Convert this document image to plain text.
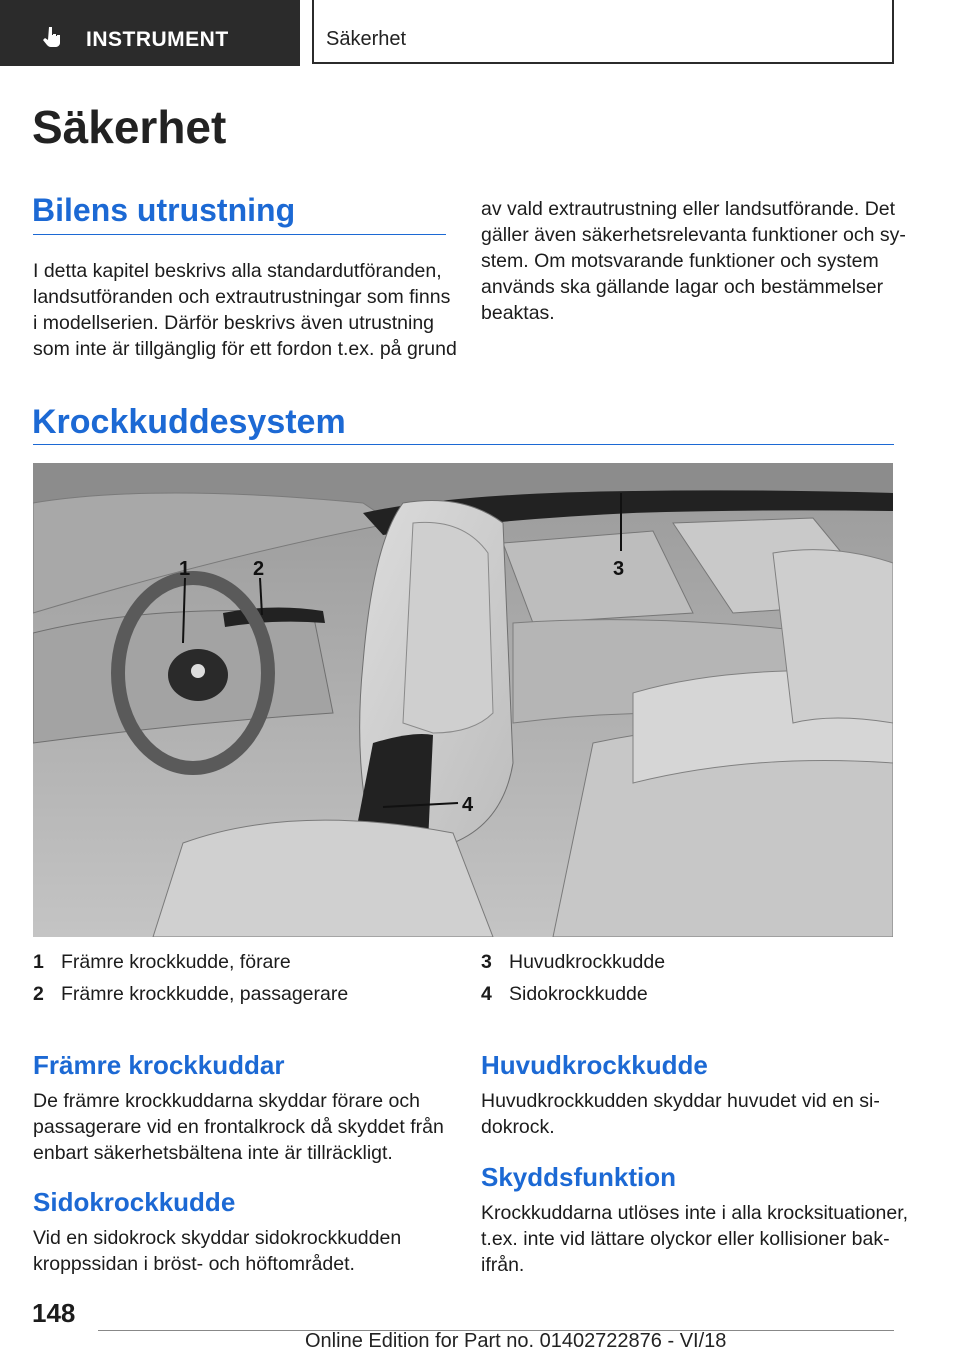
INSTRUMENT	Säkerhet
Säkerhet
Bilens utrustning
I detta kapitel beskrivs alla standardutföranden,
landsutföranden och extrautrustningar som finns
i modellserien. Därför beskrivs även utrustning
som inte är tillgänglig för ett fordon t.ex. på grund
av vald extrautrustning eller landsutförande. Det
gäller även säkerhetsrelevanta funktioner och sy-
stem. Om motsvarande funktioner och system
används ska gällande lagar och bestämmelser
beaktas.
Krockkuddesystem
1	2	3
4
1 Främre krockkudde, förare
2 Främre krockkudde, passagerare
3 Huvudkrockkudde
4 Sidokrockkudde
Främre krockkuddar
De främre krockkuddarna skyddar förare och
passagerare vid en frontalkrock då skyddet från
enbart säkerhetsbältena inte är tillräckligt.
Sidokrockkudde
Vid en sidokrock skyddar sidokrockkudden
kroppssidan i bröst- och höftområdet.
Huvudkrockkudde
Huvudkrockkudden skyddar huvudet vid en si-
dokrock.
Skyddsfunktion
Krockkuddarna utlöses inte i alla krocksituationer,
t.ex. inte vid lättare olyckor eller kollisioner bak-
ifrån.
148
Online Edition for Part no. 01402722876 - VI/18
